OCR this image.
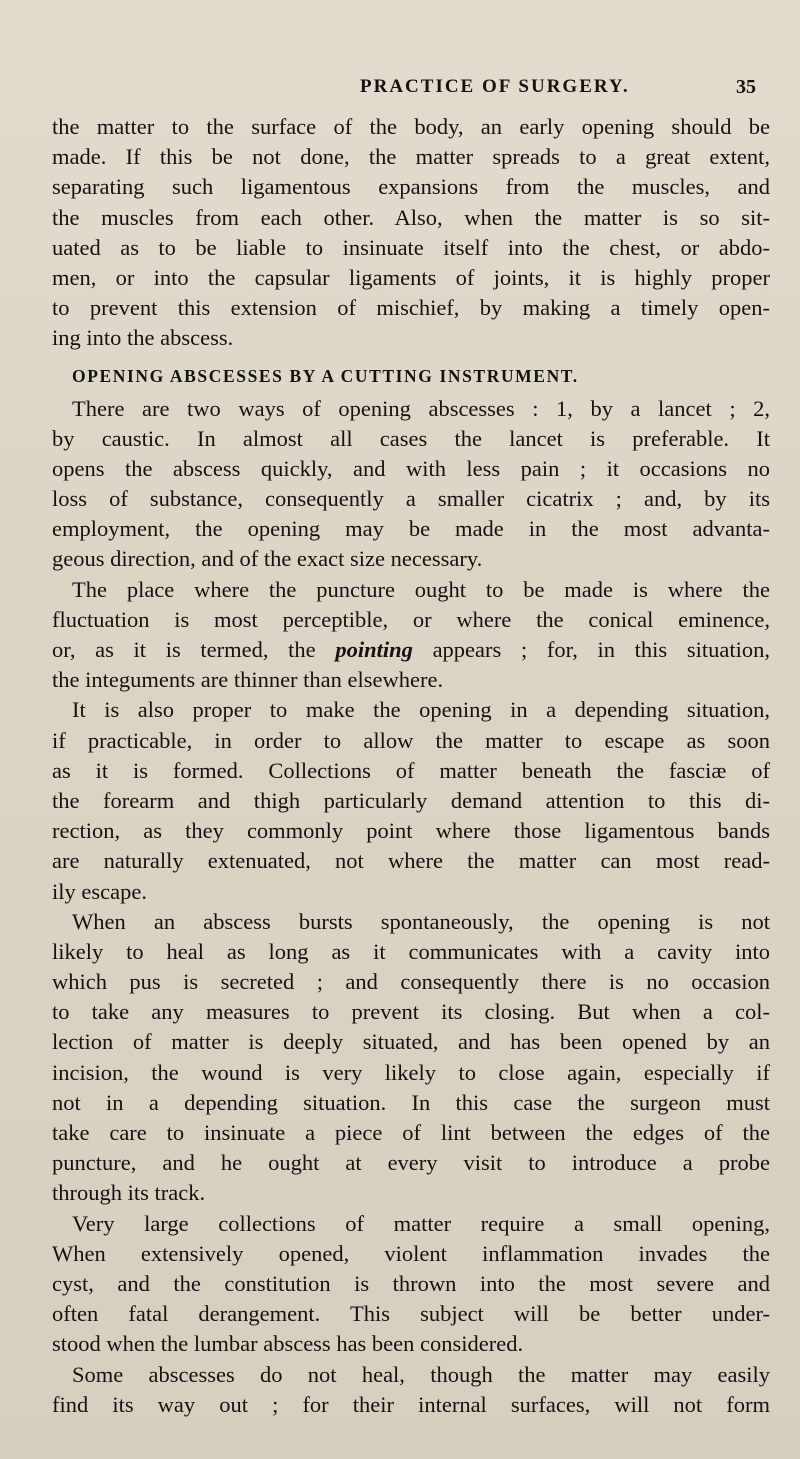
PRACTICE OF SURGERY.	35
the matter to the surface of the body, an early opening should be
made. If this be not done, the matter spreads to a great extent,
separating such ligamentous expansions from the muscles, and
the muscles from each other. Also, when the matter is so sit-
uated as to be liable to insinuate itself into the chest, or abdo-
men, or into the capsular ligaments of joints, it is highly proper
to prevent this extension of mischief, by making a timely open-
ing into the abscess.
OPENING ABSCESSES BY A CUTTING INSTRUMENT.
There are two ways of opening abscesses : 1, by a lancet ; 2,
by caustic. In almost all cases the lancet is preferable. It
opens the abscess quickly, and with less pain ; it occasions no
loss of substance, consequently a smaller cicatrix ; and, by its
employment, the opening may be made in the most advanta-
geous direction, and of the exact size necessary.
The place where the puncture ought to be made is where the
fluctuation is most perceptible, or where the conical eminence,
or, as it is termed, the pointing appears ; for, in this situation,
the integuments are thinner than elsewhere.
It is also proper to make the opening in a depending situation,
if practicable, in order to allow the matter to escape as soon
as it is formed. Collections of matter beneath the fasciæ of
the forearm and thigh particularly demand attention to this di-
rection, as they commonly point where those ligamentous bands
are naturally extenuated, not where the matter can most read-
ily escape.
When an abscess bursts spontaneously, the opening is not
likely to heal as long as it communicates with a cavity into
which pus is secreted ; and consequently there is no occasion
to take any measures to prevent its closing. But when a col-
lection of matter is deeply situated, and has been opened by an
incision, the wound is very likely to close again, especially if
not in a depending situation. In this case the surgeon must
take care to insinuate a piece of lint between the edges of the
puncture, and he ought at every visit to introduce a probe
through its track.
Very large collections of matter require a small opening,
When extensively opened, violent inflammation invades the
cyst, and the constitution is thrown into the most severe and
often fatal derangement. This subject will be better under-
stood when the lumbar abscess has been considered.
Some abscesses do not heal, though the matter may easily
find its way out ; for their internal surfaces, will not form
